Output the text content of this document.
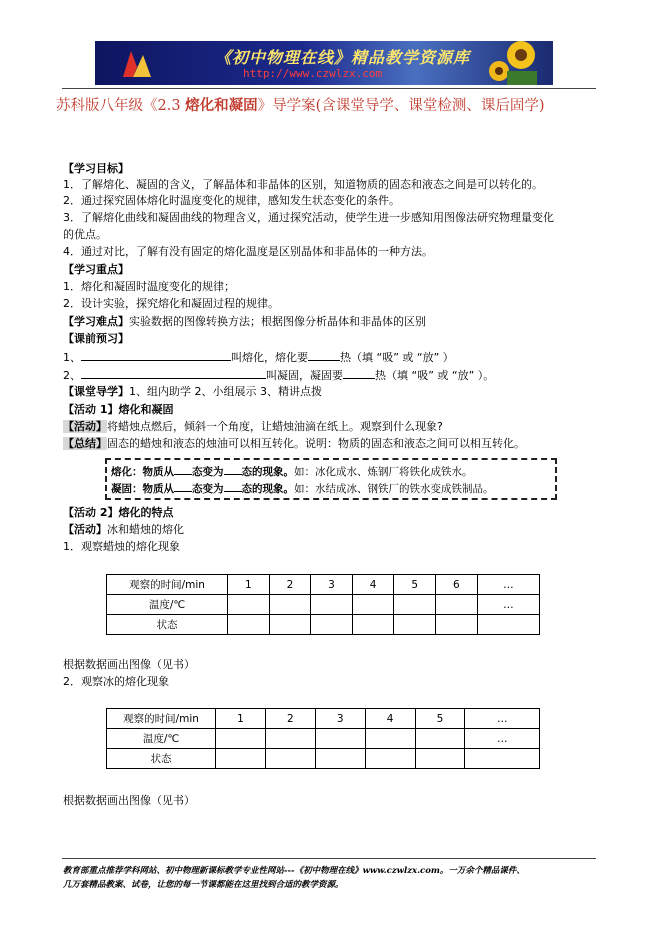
《初中物理在线》精品教学资源库
http://www.czwlzx.com
苏科版八年级《2.3 熔化和凝固》导学案(含课堂导学、课堂检测、课后固学)
【学习目标】
1．了解熔化、凝固的含义，了解晶体和非晶体的区别，知道物质的固态和液态之间是可以转化的。
2．通过探究固体熔化时温度变化的规律，感知发生状态变化的条件。
3．了解熔化曲线和凝固曲线的物理含义，通过探究活动，使学生进一步感知用图像法研究物理量变化
的优点。
4．通过对比，了解有没有固定的熔化温度是区别晶体和非晶体的一种方法。
【学习重点】
1．熔化和凝固时温度变化的规律；
2．设计实验，探究熔化和凝固过程的规律。
【学习难点】实验数据的图像转换方法；根据图像分析晶体和非晶体的区别
【课前预习】
1、	叫熔化，熔化要	热（填 “吸” 或 “放” ）
2、	叫凝固，凝固要	热（填 “吸” 或 “放” ）。
【课堂导学】1、组内助学 2、小组展示 3、精讲点拨
【活动 1】熔化和凝固
【活动】将蜡烛点燃后，倾斜一个角度，让蜡烛油滴在纸上。观察到什么现象?
【总结】固态的蜡烛和液态的烛油可以相互转化。说明：物质的固态和液态之间可以相互转化。
熔化：物质从 态变为 态的现象。如：冰化成水、炼钢厂将铁化成铁水。
凝固：物质从 态变为 态的现象。如：水结成冰、钢铁厂的铁水变成铁制品。
【活动 2】熔化的特点
【活动】冰和蜡烛的熔化
1．观察蜡烛的熔化现象
观察的时间/min	1	2	3	4	5	6	…
温度/℃							…
状态							
根据数据画出图像（见书）
2．观察冰的熔化现象
观察的时间/min	1	2	3	4	5	…
温度/℃						…
状态						
根据数据画出图像（见书）
教育部重点推荐学科网站、初中物理新课标教学专业性网站---《初中物理在线》www.czwlzx.com。一万余个精品课件、
几万套精品教案、试卷，让您的每一节课都能在这里找到合适的教学资源。
